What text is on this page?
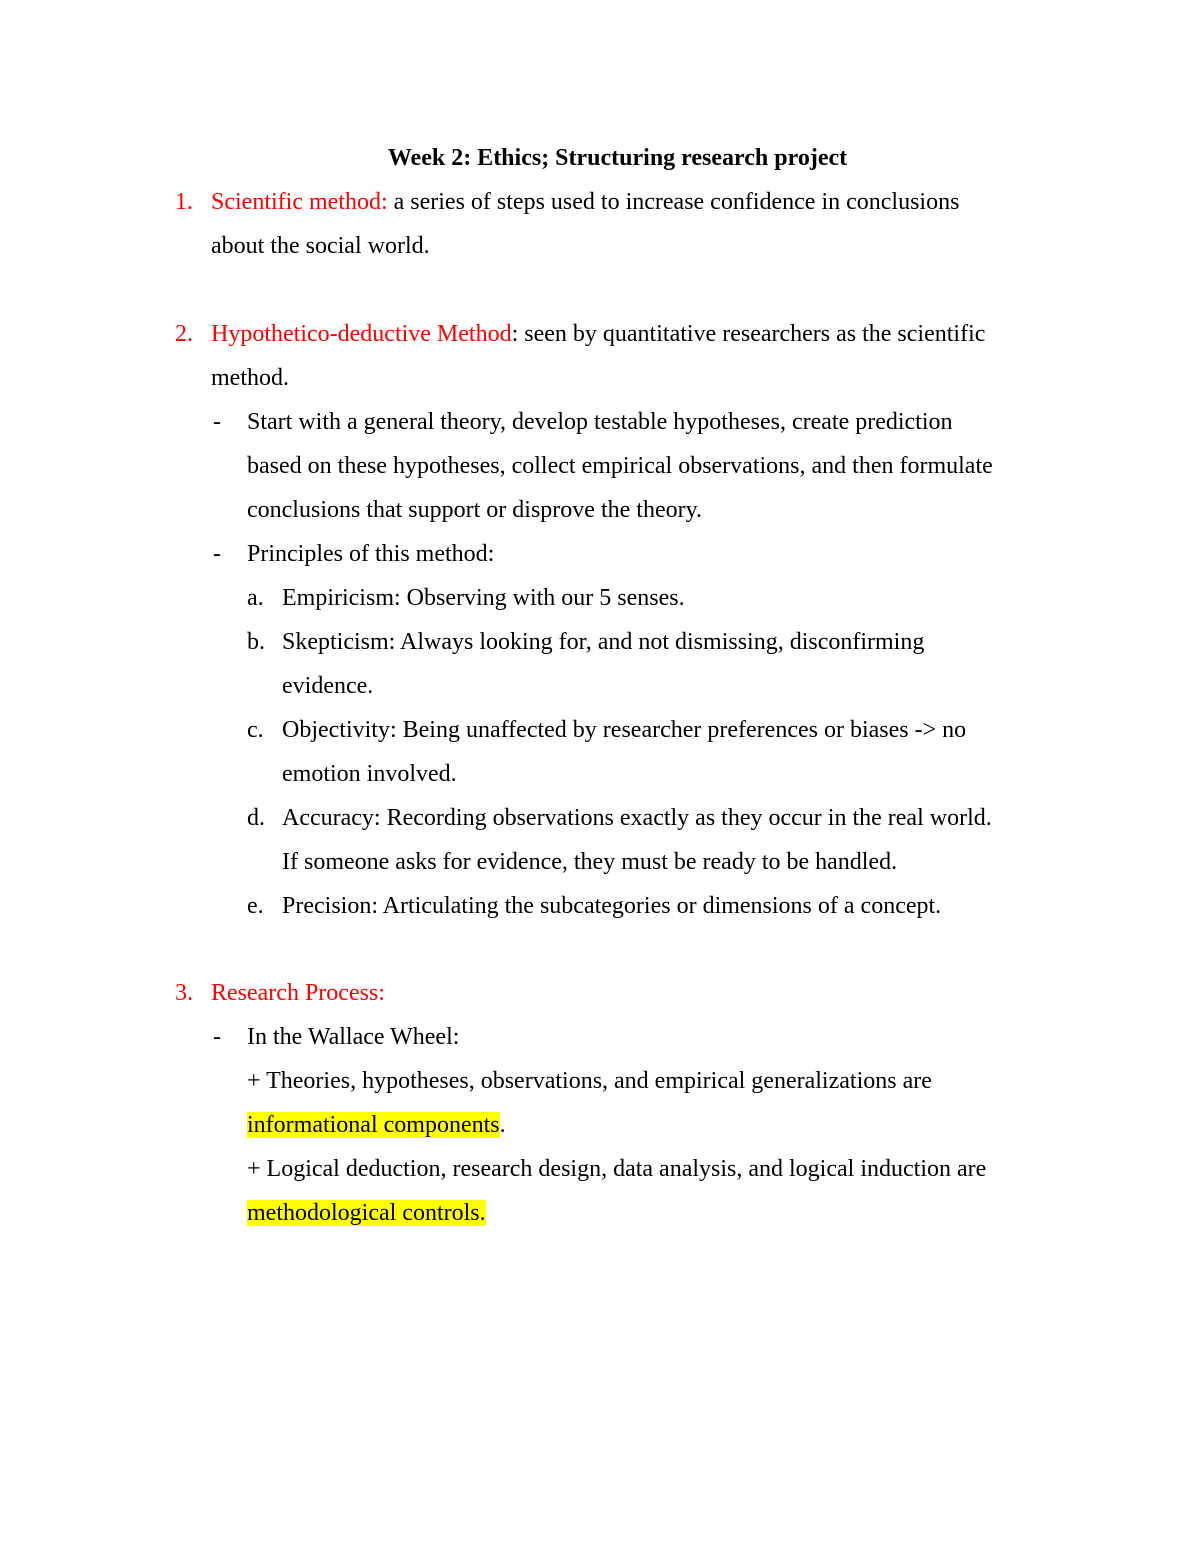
Week 2: Ethics; Structuring research project
1. Scientific method: a series of steps used to increase confidence in conclusions
about the social world.
2. Hypothetico-deductive Method: seen by quantitative researchers as the scientific
method.
- Start with a general theory, develop testable hypotheses, create prediction
based on these hypotheses, collect empirical observations, and then formulate
conclusions that support or disprove the theory.
- Principles of this method:
a. Empiricism: Observing with our 5 senses.
b. Skepticism: Always looking for, and not dismissing, disconfirming
evidence.
c. Objectivity: Being unaffected by researcher preferences or biases -> no
emotion involved.
d. Accuracy: Recording observations exactly as they occur in the real world.
If someone asks for evidence, they must be ready to be handled.
e. Precision: Articulating the subcategories or dimensions of a concept.
3. Research Process:
- In the Wallace Wheel:
+ Theories, hypotheses, observations, and empirical generalizations are
informational components.
+ Logical deduction, research design, data analysis, and logical induction are
methodological controls.
